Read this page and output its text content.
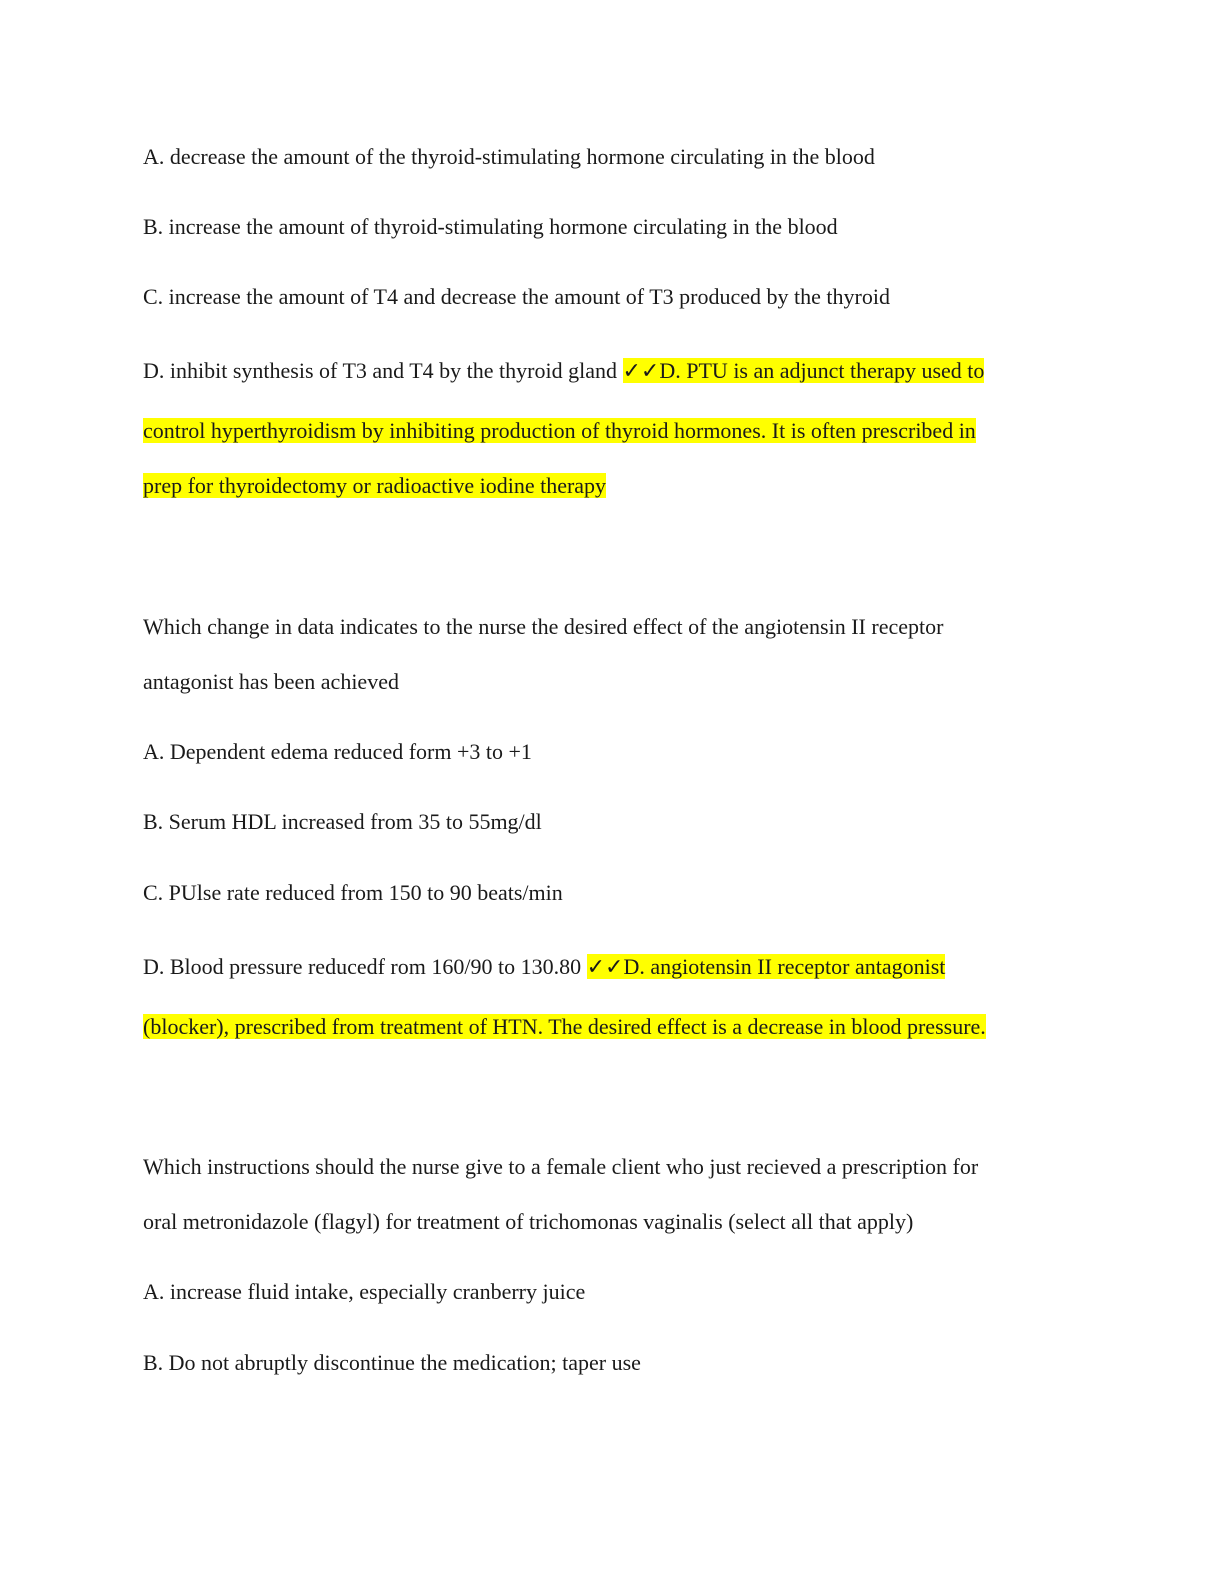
A. decrease the amount of the thyroid-stimulating hormone circulating in the blood
B. increase the amount of thyroid-stimulating hormone circulating in the blood
C. increase the amount of T4 and decrease the amount of T3 produced by the thyroid
D. inhibit synthesis of T3 and T4 by the thyroid gland ✓✓D. PTU is an adjunct therapy used to
control hyperthyroidism by inhibiting production of thyroid hormones. It is often prescribed in
prep for thyroidectomy or radioactive iodine therapy
Which change in data indicates to the nurse the desired effect of the angiotensin II receptor
antagonist has been achieved
A. Dependent edema reduced form +3 to +1
B. Serum HDL increased from 35 to 55mg/dl
C. PUlse rate reduced from 150 to 90 beats/min
D. Blood pressure reducedf rom 160/90 to 130.80 ✓✓D. angiotensin II receptor antagonist
(blocker), prescribed from treatment of HTN. The desired effect is a decrease in blood pressure.
Which instructions should the nurse give to a female client who just recieved a prescription for
oral metronidazole (flagyl) for treatment of trichomonas vaginalis (select all that apply)
A. increase fluid intake, especially cranberry juice
B. Do not abruptly discontinue the medication; taper use
